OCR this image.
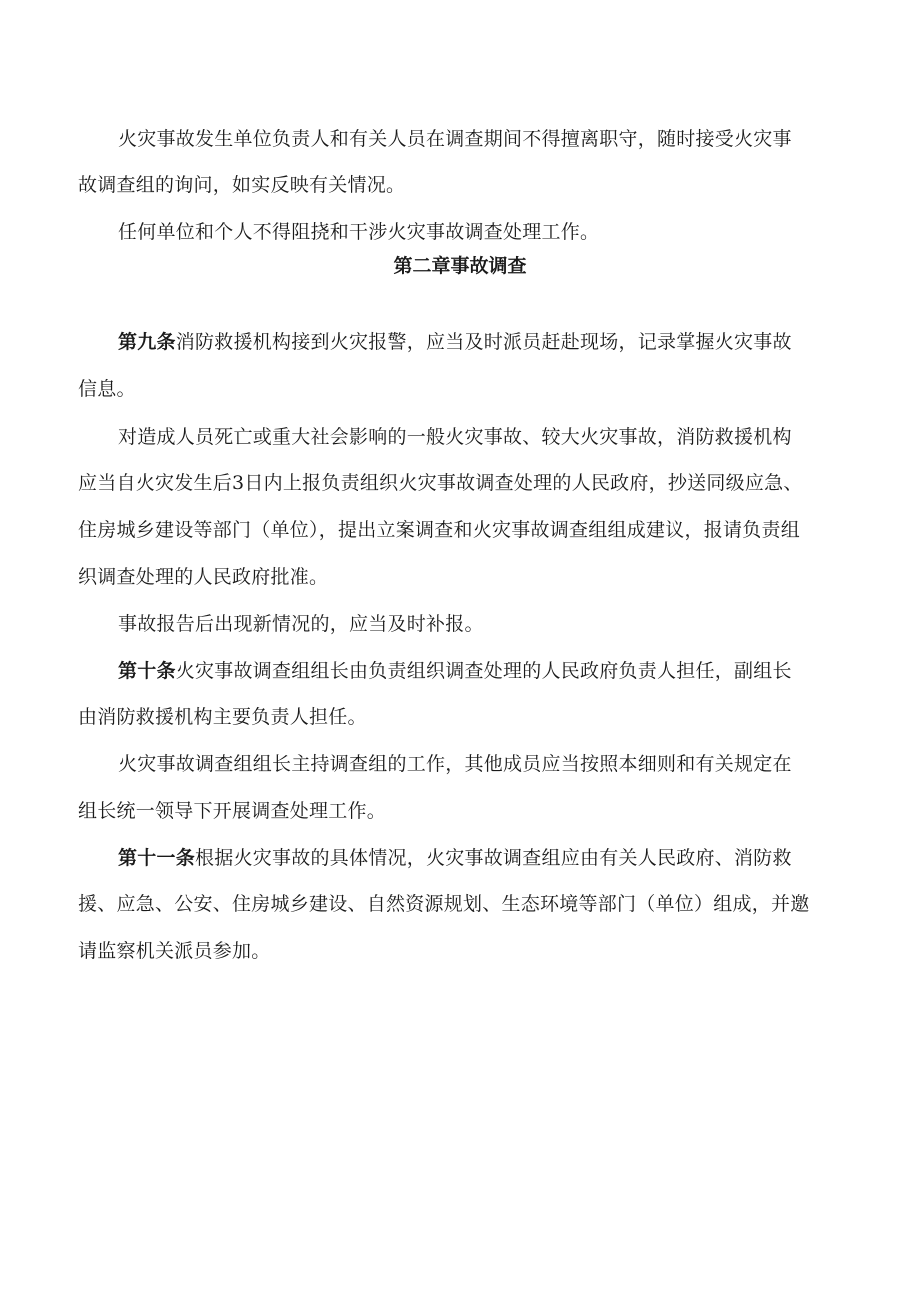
火灾事故发生单位负责人和有关人员在调查期间不得擅离职守，随时接受火灾事
故调查组的询问，如实反映有关情况。
任何单位和个人不得阻挠和干涉火灾事故调查处理工作。
第二章事故调查
第九条消防救援机构接到火灾报警，应当及时派员赶赴现场，记录掌握火灾事故
信息。
对造成人员死亡或重大社会影响的一般火灾事故、较大火灾事故，消防救援机构
应当自火灾发生后3日内上报负责组织火灾事故调查处理的人民政府，抄送同级应急、
住房城乡建设等部门（单位），提出立案调查和火灾事故调查组组成建议，报请负责组
织调查处理的人民政府批准。
事故报告后出现新情况的，应当及时补报。
第十条火灾事故调查组组长由负责组织调查处理的人民政府负责人担任，副组长
由消防救援机构主要负责人担任。
火灾事故调查组组长主持调查组的工作，其他成员应当按照本细则和有关规定在
组长统一领导下开展调查处理工作。
第十一条根据火灾事故的具体情况，火灾事故调查组应由有关人民政府、消防救
援、应急、公安、住房城乡建设、自然资源规划、生态环境等部门（单位）组成，并邀
请监察机关派员参加。
